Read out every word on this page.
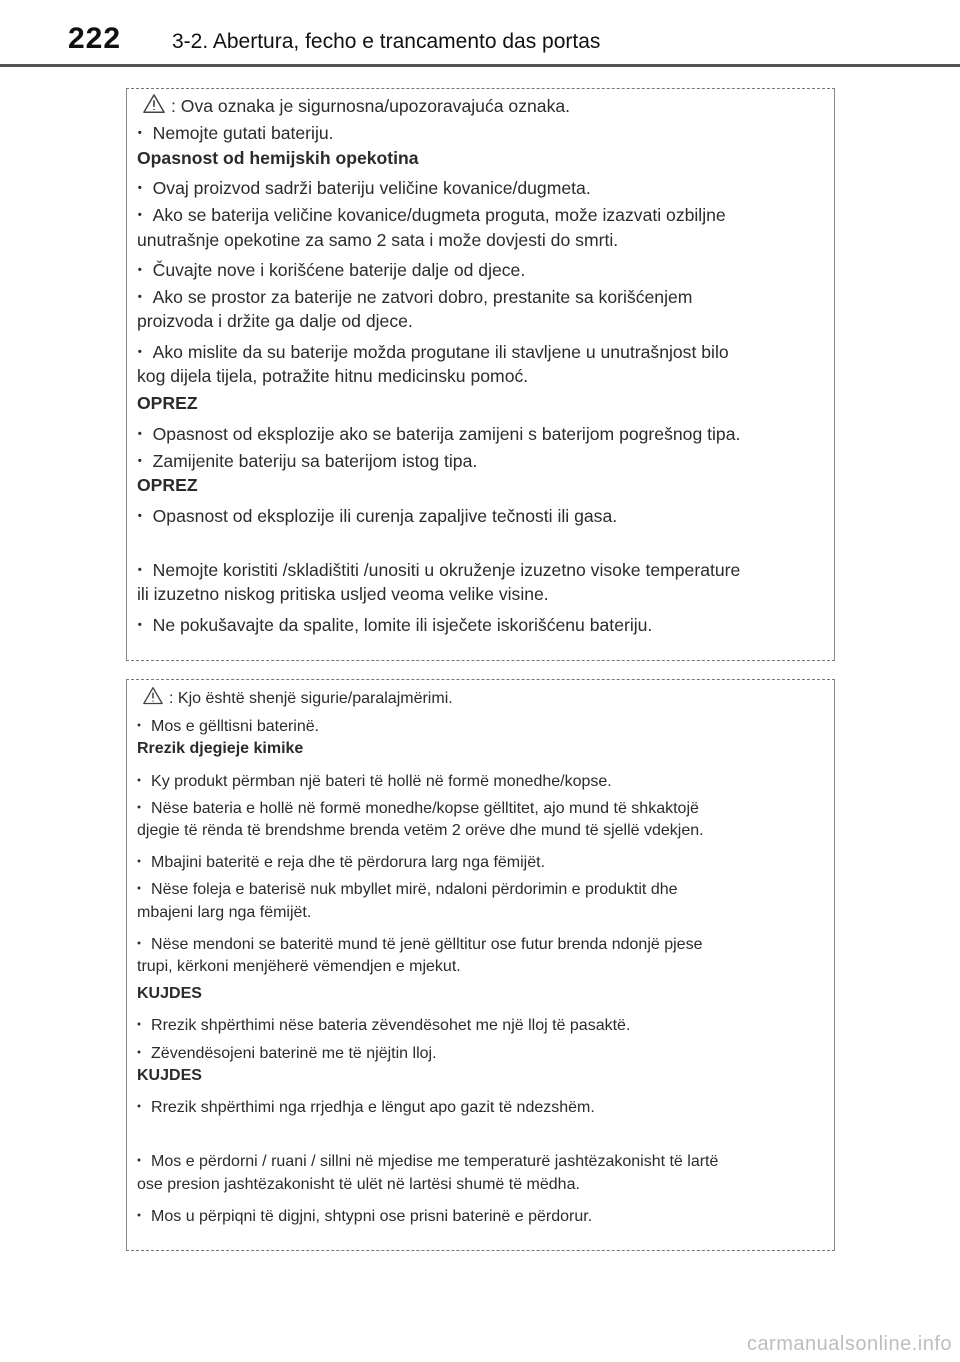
222 3-2. Abertura, fecho e trancamento das portas
: Ova oznaka je sigurnosna/upozoravajuća oznaka.
・ Nemojte gutati bateriju.
Opasnost od hemijskih opekotina
・ Ovaj proizvod sadrži bateriju veličine kovanice/dugmeta.
・ Ako se baterija veličine kovanice/dugmeta proguta, može izazvati ozbiljne
unutrašnje opekotine za samo 2 sata i može dovjesti do smrti.
・ Čuvajte nove i korišćene baterije dalje od djece.
・ Ako se prostor za baterije ne zatvori dobro, prestanite sa korišćenjem
proizvoda i držite ga dalje od djece.
・ Ako mislite da su baterije možda progutane ili stavljene u unutrašnjost bilo
kog dijela tijela, potražite hitnu medicinsku pomoć.
OPREZ
・ Opasnost od eksplozije ako se baterija zamijeni s baterijom pogrešnog tipa.
・ Zamijenite bateriju sa baterijom istog tipa.
OPREZ
・ Opasnost od eksplozije ili curenja zapaljive tečnosti ili gasa.
・ Nemojte koristiti /skladištiti /unositi u okruženje izuzetno visoke temperature
ili izuzetno niskog pritiska usljed veoma velike visine.
・ Ne pokušavajte da spalite, lomite ili isječete iskorišćenu bateriju.
: Kjo është shenjë sigurie/paralajmërimi.
・ Mos e gëlltisni baterinë.
Rrezik djegieje kimike
・ Ky produkt përmban një bateri të hollë në formë monedhe/kopse.
・ Nëse bateria e hollë në formë monedhe/kopse gëlltitet, ajo mund të shkaktojë
djegie të rënda të brendshme brenda vetëm 2 orëve dhe mund të sjellë vdekjen.
・ Mbajini bateritë e reja dhe të përdorura larg nga fëmijët.
・ Nëse foleja e baterisë nuk mbyllet mirë, ndaloni përdorimin e produktit dhe
mbajeni larg nga fëmijët.
・ Nëse mendoni se bateritë mund të jenë gëlltitur ose futur brenda ndonjë pjese
trupi, kërkoni menjëherë vëmendjen e mjekut.
KUJDES
・ Rrezik shpërthimi nëse bateria zëvendësohet me një lloj të pasaktë.
・ Zëvendësojeni baterinë me të njëjtin lloj.
KUJDES
・ Rrezik shpërthimi nga rrjedhja e lëngut apo gazit të ndezshëm.
・ Mos e përdorni / ruani / sillni në mjedise me temperaturë jashtëzakonisht të lartë
ose presion jashtëzakonisht të ulët në lartësi shumë të mëdha.
・ Mos u përpiqni të digjni, shtypni ose prisni baterinë e përdorur.
carmanualsonline.info
